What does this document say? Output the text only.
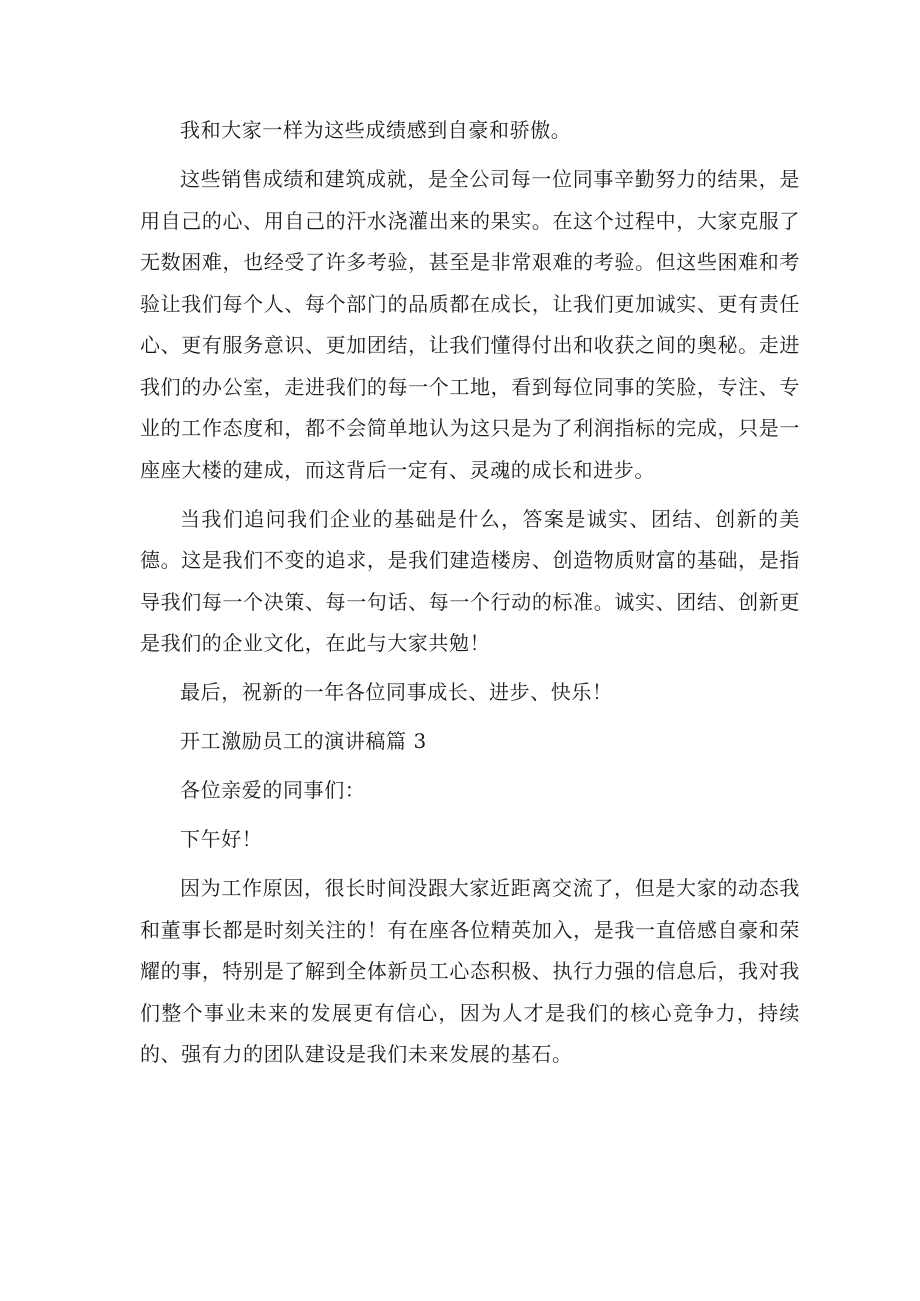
我和大家一样为这些成绩感到自豪和骄傲。

这些销售成绩和建筑成就，是全公司每一位同事辛勤努力的结果，是用自己的心、用自己的汗水浇灌出来的果实。在这个过程中，大家克服了无数困难，也经受了许多考验，甚至是非常艰难的考验。但这些困难和考验让我们每个人、每个部门的品质都在成长，让我们更加诚实、更有责任心、更有服务意识、更加团结，让我们懂得付出和收获之间的奥秘。走进我们的办公室，走进我们的每一个工地，看到每位同事的笑脸，专注、专业的工作态度和，都不会简单地认为这只是为了利润指标的完成，只是一座座大楼的建成，而这背后一定有、灵魂的成长和进步。

当我们追问我们企业的基础是什么，答案是诚实、团结、创新的美德。这是我们不变的追求，是我们建造楼房、创造物质财富的基础，是指导我们每一个决策、每一句话、每一个行动的标准。诚实、团结、创新更是我们的企业文化，在此与大家共勉！

最后，祝新的一年各位同事成长、进步、快乐！

开工激励员工的演讲稿篇 3

各位亲爱的同事们：

下午好！

因为工作原因，很长时间没跟大家近距离交流了，但是大家的动态我和董事长都是时刻关注的！有在座各位精英加入，是我一直倍感自豪和荣耀的事，特别是了解到全体新员工心态积极、执行力强的信息后，我对我们整个事业未来的发展更有信心，因为人才是我们的核心竞争力，持续的、强有力的团队建设是我们未来发展的基石。
